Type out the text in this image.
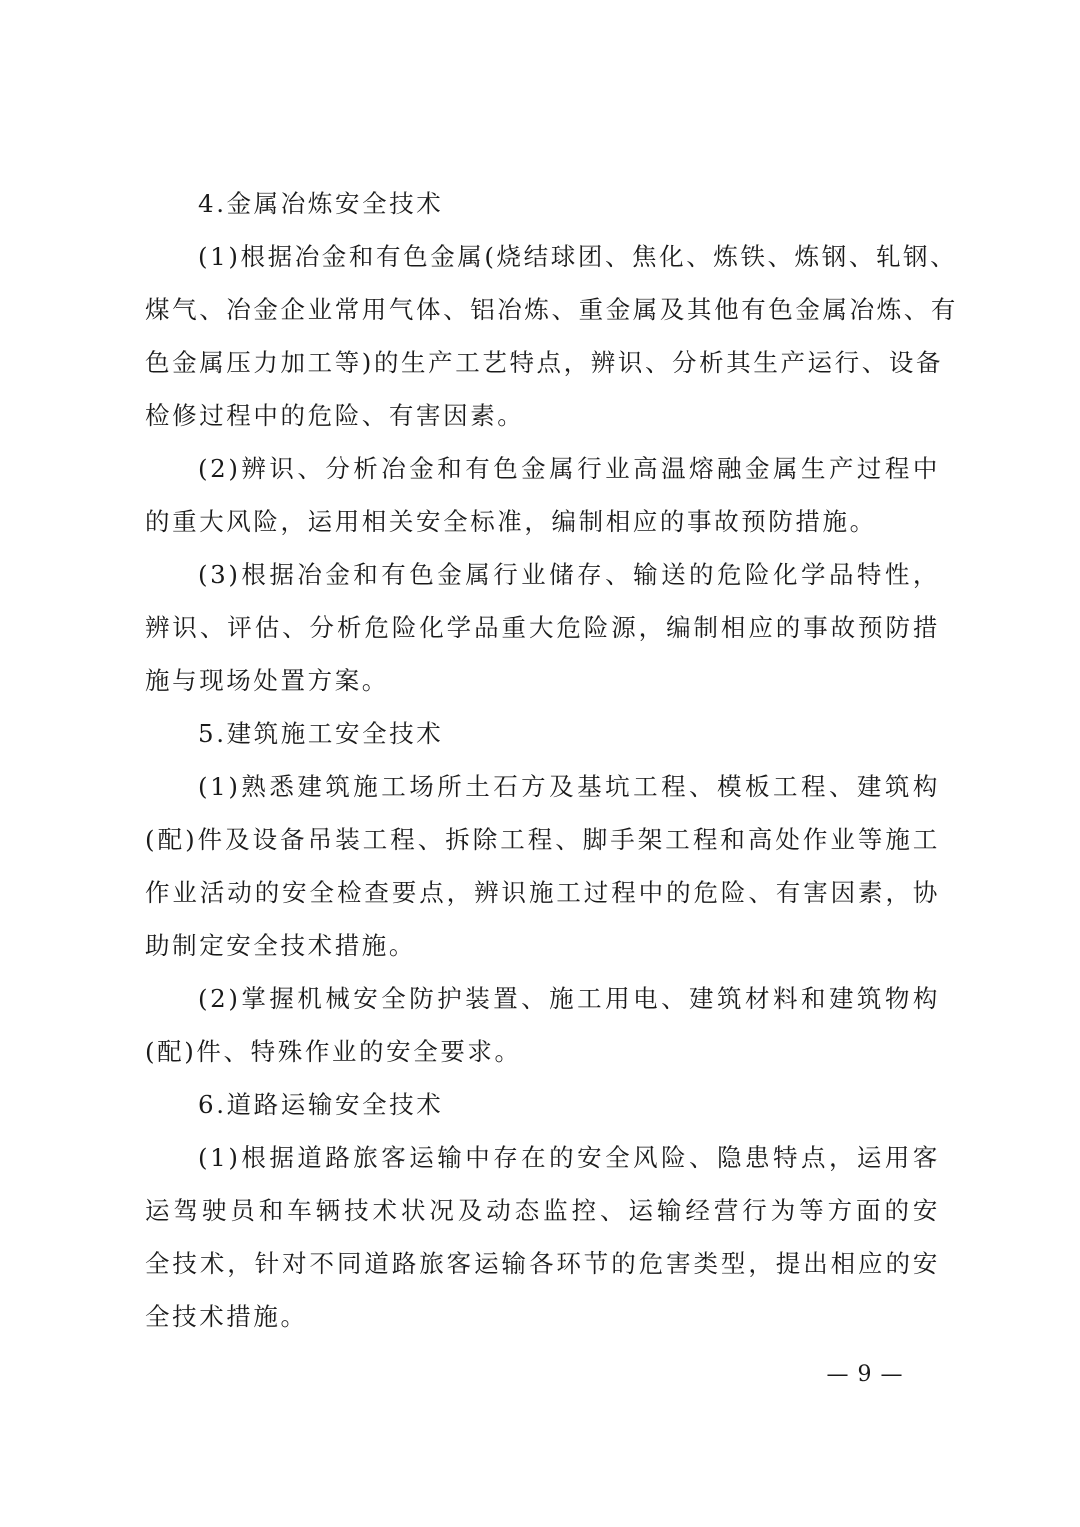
4.金属冶炼安全技术
(1)根据冶金和有色金属(烧结球团、焦化、炼铁、炼钢、轧钢、
煤气、冶金企业常用气体、铝冶炼、重金属及其他有色金属冶炼、有
色金属压力加工等)的生产工艺特点，辨识、分析其生产运行、设备
检修过程中的危险、有害因素。
(2)辨识、分析冶金和有色金属行业高温熔融金属生产过程中
的重大风险，运用相关安全标准，编制相应的事故预防措施。
(3)根据冶金和有色金属行业储存、输送的危险化学品特性，
辨识、评估、分析危险化学品重大危险源，编制相应的事故预防措
施与现场处置方案。
5.建筑施工安全技术
(1)熟悉建筑施工场所土石方及基坑工程、模板工程、建筑构
(配)件及设备吊装工程、拆除工程、脚手架工程和高处作业等施工
作业活动的安全检查要点，辨识施工过程中的危险、有害因素，协
助制定安全技术措施。
(2)掌握机械安全防护装置、施工用电、建筑材料和建筑物构
(配)件、特殊作业的安全要求。
6.道路运输安全技术
(1)根据道路旅客运输中存在的安全风险、隐患特点，运用客
运驾驶员和车辆技术状况及动态监控、运输经营行为等方面的安
全技术，针对不同道路旅客运输各环节的危害类型，提出相应的安
全技术措施。
— 9 —
